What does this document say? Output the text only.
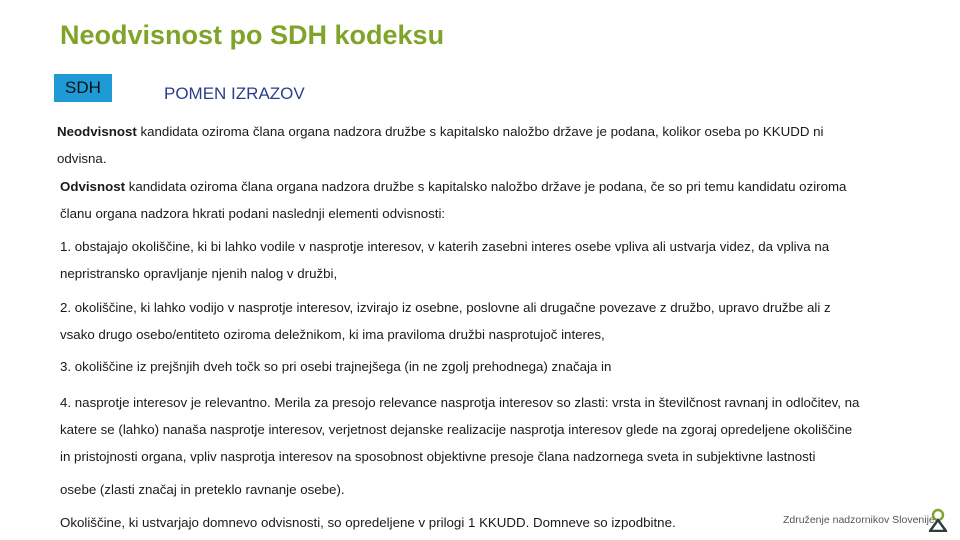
Neodvisnost po SDH kodeksu
SDH	POMEN IZRAZOV
Neodvisnost kandidata oziroma člana organa nadzora družbe s kapitalsko naložbo države je podana, kolikor oseba po KKUDD ni
odvisna.
Odvisnost kandidata oziroma člana organa nadzora družbe s kapitalsko naložbo države je podana, če so pri temu kandidatu oziroma
članu organa nadzora hkrati podani naslednji elementi odvisnosti:
1. obstajajo okoliščine, ki bi lahko vodile v nasprotje interesov, v katerih zasebni interes osebe vpliva ali ustvarja videz, da vpliva na
nepristransko opravljanje njenih nalog v družbi,
2. okoliščine, ki lahko vodijo v nasprotje interesov, izvirajo iz osebne, poslovne ali drugačne povezave z družbo, upravo družbe ali z
vsako drugo osebo/entiteto oziroma deležnikom, ki ima praviloma družbi nasprotujoč interes,
3. okoliščine iz prejšnjih dveh točk so pri osebi trajnejšega (in ne zgolj prehodnega) značaja in
4. nasprotje interesov je relevantno. Merila za presojo relevance nasprotja interesov so zlasti: vrsta in številčnost ravnanj in odločitev, na
katere se (lahko) nanaša nasprotje interesov, verjetnost dejanske realizacije nasprotja interesov glede na zgoraj opredeljene okoliščine
in pristojnosti organa, vpliv nasprotja interesov na sposobnost objektivne presoje člana nadzornega sveta in subjektivne lastnosti
osebe (zlasti značaj in preteklo ravnanje osebe).
Okoliščine, ki ustvarjajo domnevo odvisnosti, so opredeljene v prilogi 1 KKUDD. Domneve so izpodbitne.	Združenje nadzornikov Slovenije
